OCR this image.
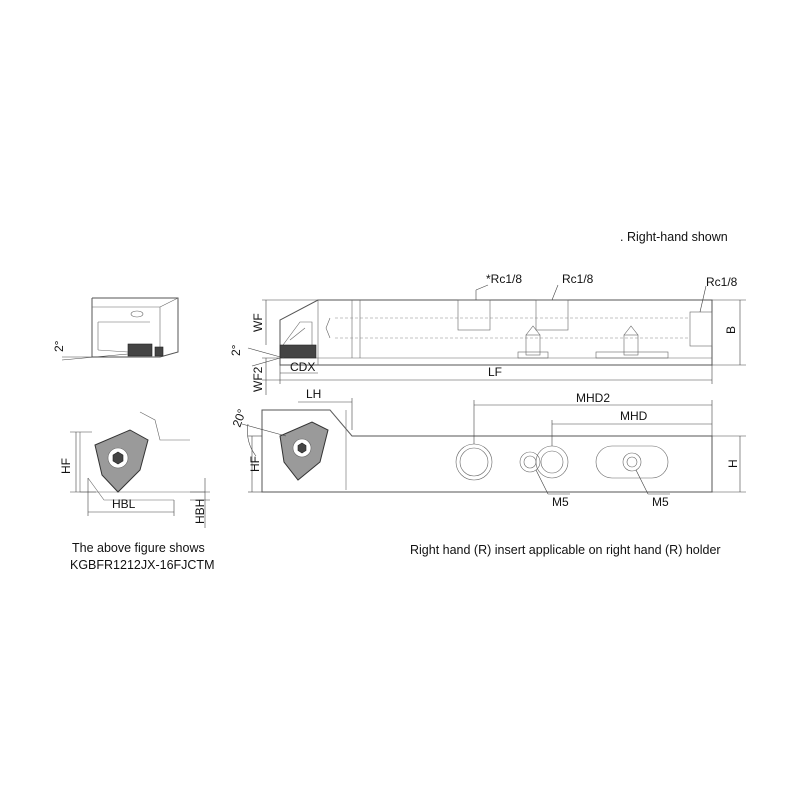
. Right-hand shown
2°
B
LF
WF
WF2
2°
CDX
*Rc1/8	Rc1/8	Rc1/8
HF
HBL	HBH
LH	MHD2
MHD
HF	H
20°
M5	M5
The above figure shows
KGBFR1212JX-16FJCTM
Right hand (R) insert applicable on right hand (R) holder
